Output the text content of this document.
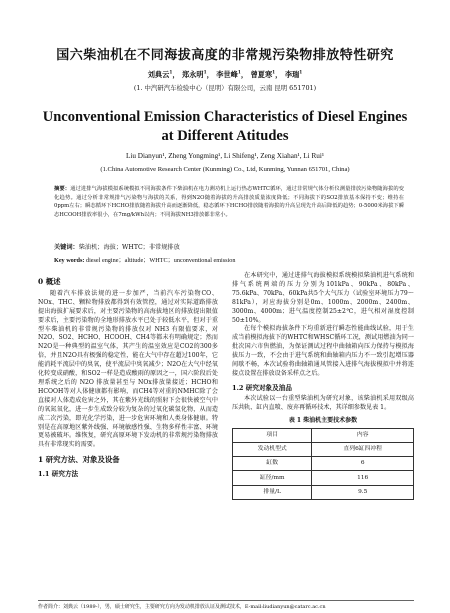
国六柴油机在不同海拔高度的非常规污染物排放特性研究
刘典云$^1$， 郑永明$^1$， 李世峰$^1$， 曾夏寒$^1$， 李瑞$^1$
(1. 中汽研汽车检验中心（昆明）有限公司，云南 昆明 651701)
Unconventional Emission Characteristics of Diesel Engines
at Different Atitudes
Liu Dianyun¹, Zheng Yongming¹, Li Shifeng¹, Zeng Xiahan¹, Li Rui¹
(1.China Automotive Research Center (Kunming) Co., Ltd, Kunming, Yunnan 651701, China)
摘要：通过进排气海拔模拟系统模拟不同海拔条件下柴油机在电力测功机上运行热态WHTC循环，通过非常规气体分析仪测量排放污染物随海拔的变化趋势。通过分析非常规排气污染物与海拔的关系，得到N2O随着海拔的升高排放质量浓度降低；不同海拔下的SO2排放基本保持不变；维持在0ppm左右；瞬态循环下HCHO排放随着海拔升高而逐渐降低，稳态循环下HCHO排放随着海拔的升高呈现先升高后降低的趋势；0-5000米海拔下瞬态HCOOH排放率很小，在7mg/kWh以内；不同海拔NH3排放都非常小。
关键词：柴油机；海拔；WHTC；非常规排放
Key words: diesel engine；altitude；WHTC；unconventional emission
0 概述

随着汽车排放法规的进一步加严，当前汽车污染物CO、NOx、THC、颗粒物排放都得到有效管控，通过对实际道路排放提出海拔扩展要求后，对主要污染物的高海拔地区的排放提出限值要求后，主要污染物的全地形排放水平已处于较低水平，但对于重型车柴油机的非常规污染物的排放仅对 NH3 有限值要求，对N2O、SO2、HCHO、HCOOH、CH4等都未有明确规定；然而N2O是一种典型的温室气体，其产生的温室效应是CO2的300多倍，并且N2O具有极强的稳定性，能在大气中存在超过100年，它能消耗平流层中的臭氧，使平流层中臭氧减少；N2O在大气中经氧化转变成硝酸，和SO2一样是造成酸雨的原因之一，国六阶段后处理系统之后的 N2O 排放量甚至与 NOx排放量接近；HCHO和HCOOH等对人体健康都有影响，而CH4等对重的NMHC除了会直接对人体造成危害之外，其在紫外光线的照射下会很快被空气中的氧氮氧化，进一步生成致分较为复杂的过氧化碳氢化物，从而造成二次污染，即光化学污染，进一步危害环境和人类身体健康。特别是在高原地区紫外线强、环境敏感性强、生物多样性丰富、环境更易被破坏。维恢复，研究高原环境下发动机的非常规污染物排放具有非常现实的需要。

1 研究方法、对象及设备
1.1 研究方法

在本研究中，通过进排气海拔模拟系统模拟柴油机进气系统和排气系统两端的压力分别为101kPa、90kPa、80kPa、75.6kPa、70kPa、60kPa共5个大气压力（试验室环境压力79～81kPa），对应海拔分别是0m、1000m、2000m、2400m、3000m、4000m；进气温度控制25±2℃，进气相对湿度控制50±10%。

在每个模拟海拔条件下均重新进行瞬态性能曲线试验，用于生成当前模拟海拔下的WHTC和WHSC循环工况，测试用燃油为同一批次国六市售燃油，为保证测试过程中曲轴箱向压力保持与模拟海拔压力一致，不会由于进气系统和曲轴箱内压力不一致引起增压器间歇不畅，本次试验将曲轴箱通风管接入进排气海拔模拟中并将连接点设置在排放设备采样点之后。

1.2 研究对象及油品

本次试验以一台重型柴油机为研究对象，该柴油机采用双级高压共轨、缸内直喷、废弃再循环技术，其详细参数见表 1。

表 1 柴油机主要技术参数
项目	内容
发动机型式	直列6缸四冲程
缸数	6
缸径/mm	116
排量/L	9.5
作者简介：刘典云（1989-），男，硕士研究生，主要研究方向为发动机排放认证及测试技术，E-mail:liudianyun@catarc.ac.cn
